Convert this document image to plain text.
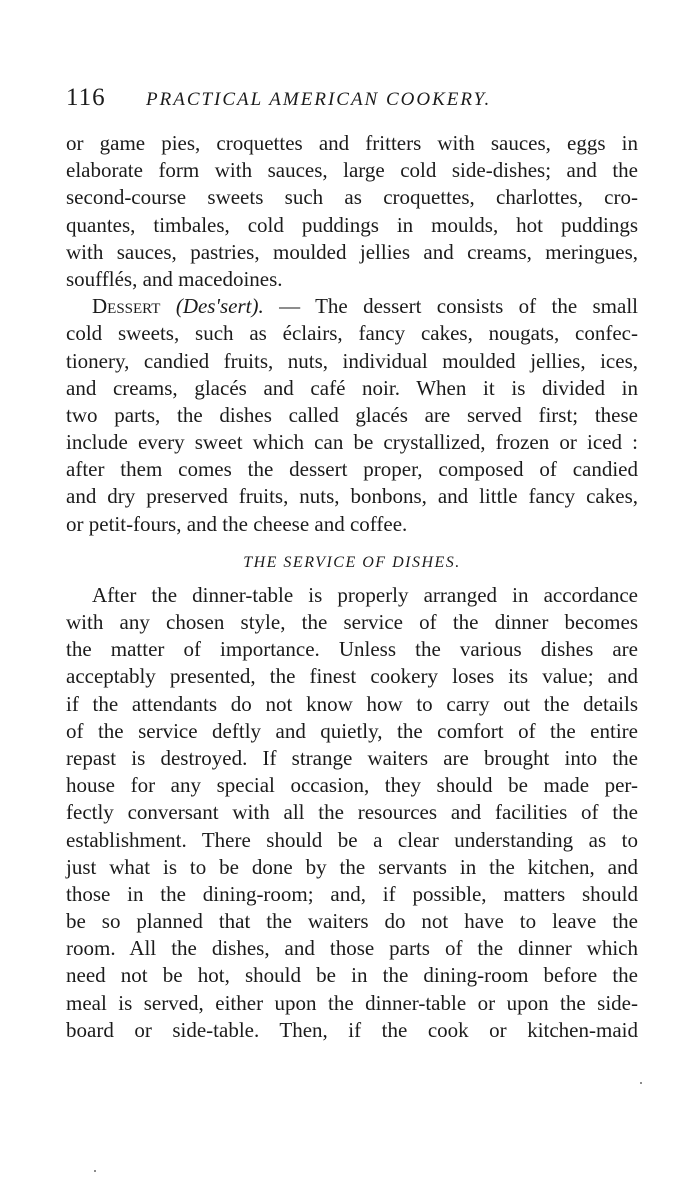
116	PRACTICAL AMERICAN COOKERY.
or game pies, croquettes and fritters with sauces, eggs in
elaborate form with sauces, large cold side-dishes; and the
second-course sweets such as croquettes, charlottes, cro-
quantes, timbales, cold puddings in moulds, hot puddings
with sauces, pastries, moulded jellies and creams, meringues,
soufflés, and macedoines.
Dessert (Des'sert). — The dessert consists of the small
cold sweets, such as éclairs, fancy cakes, nougats, confec-
tionery, candied fruits, nuts, individual moulded jellies, ices,
and creams, glacés and café noir. When it is divided in
two parts, the dishes called glacés are served first; these
include every sweet which can be crystallized, frozen or iced :
after them comes the dessert proper, composed of candied
and dry preserved fruits, nuts, bonbons, and little fancy cakes,
or petit-fours, and the cheese and coffee.
THE SERVICE OF DISHES.
After the dinner-table is properly arranged in accordance
with any chosen style, the service of the dinner becomes
the matter of importance. Unless the various dishes are
acceptably presented, the finest cookery loses its value; and
if the attendants do not know how to carry out the details
of the service deftly and quietly, the comfort of the entire
repast is destroyed. If strange waiters are brought into the
house for any special occasion, they should be made per-
fectly conversant with all the resources and facilities of the
establishment. There should be a clear understanding as to
just what is to be done by the servants in the kitchen, and
those in the dining-room; and, if possible, matters should
be so planned that the waiters do not have to leave the
room. All the dishes, and those parts of the dinner which
need not be hot, should be in the dining-room before the
meal is served, either upon the dinner-table or upon the side-
board or side-table. Then, if the cook or kitchen-maid
